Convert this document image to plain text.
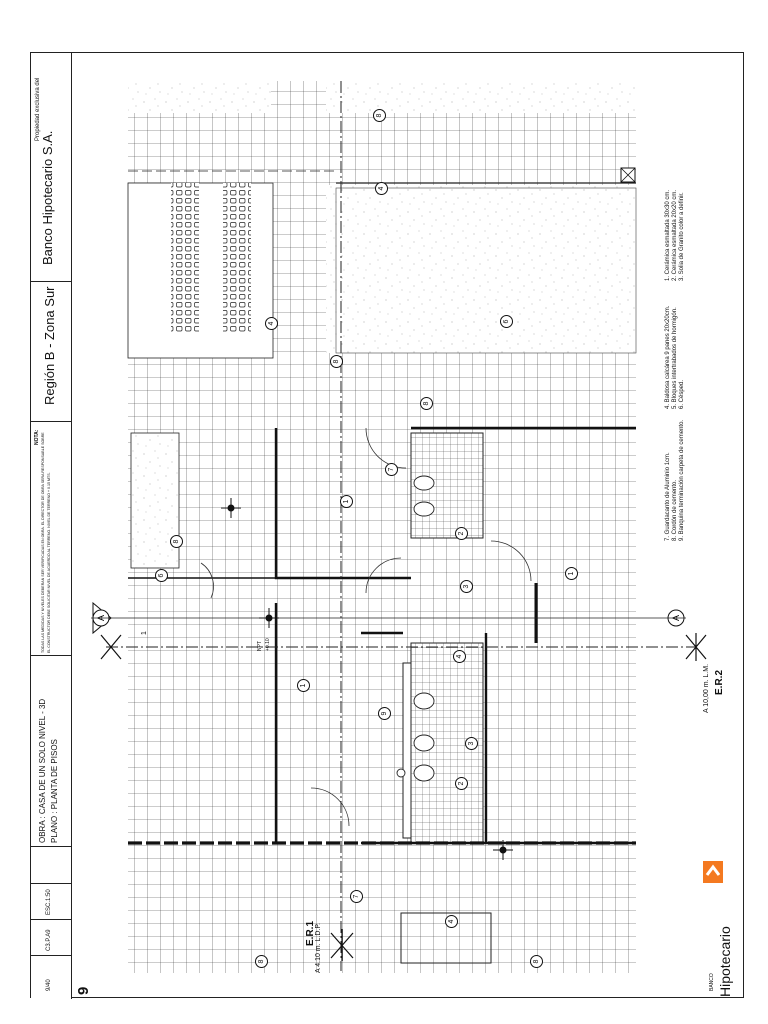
A	A
1
1
1
2
2
3
3
4
4
4
4
6
6
7
7
8
8
8
8
8	8
9
E.R.2
A 10,00 m. L.M.
E.R.1 A 4.10 m. L.D.P.
1
NPT +0.10
1. Cerámica esmaltada 30x30 cm. 2. Cerámica esmaltada 20x20 cm. 3. Solia de Granito color a definir.
4. Baldosa calcárea 9 panes 20x20cm. 5. Bloques intertrabados de hormigón. 6. Césped.
7. Guardacanto de Aluminio 1cm. 8. Cordón de cemento. 9. Banquina terminación carpeta de cemento.
Propiedad exclusiva del
Banco Hipotecario S.A.
Región B - Zona Sur
NOTA: TODAS LAS MEDIDAS Y NIVELES DEBERAN SER VERIFICADAS EN OBRA. EL DIRECTOR DE OBRA SERA RESPONSABLE SOBRE EL CONSTRUCTOR DEBE SOLICITAR NIVEL DE ACUERDO AL TERRENO. NIVEL DE TERRENO + 0.15 MTS.
OBRA : CASA DE UN SOLO NIVEL - 3D PLANO : PLANTA DE PISOS
ESC.1:50
C3.P.A9
9/40 9	BANCO Hipotecario
